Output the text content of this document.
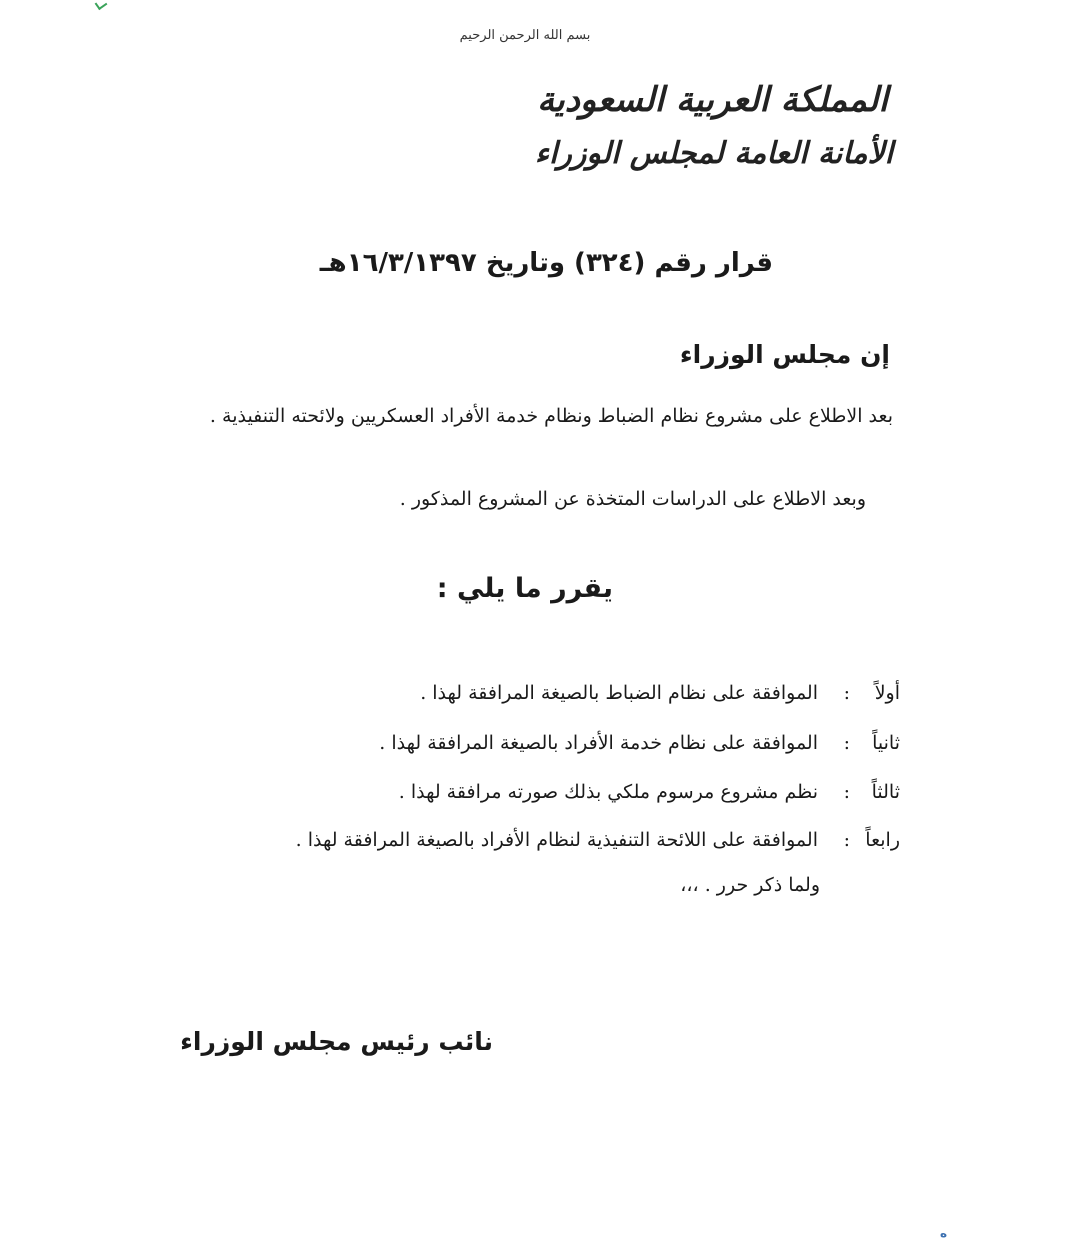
بسم الله الرحمن الرحيم
المملكة العربية السعودية
الأمانة العامة لمجلس الوزراء
قرار رقم (٣٢٤) وتاريخ ١٦/٣/١٣٩٧هـ
إن مجلس الوزراء
بعد الاطلاع على مشروع نظام الضباط ونظام خدمة الأفراد العسكريين ولائحته التنفيذية .
وبعد الاطلاع على الدراسات المتخذة عن المشروع المذكور .
يقرر ما يلي :
أولاً
:
الموافقة على نظام الضباط بالصيغة المرافقة لهذا .
ثانياً
:
الموافقة على نظام خدمة الأفراد بالصيغة المرافقة لهذا .
ثالثاً
:
نظم مشروع مرسوم ملكي بذلك صورته مرافقة لهذا .
رابعاً
:
الموافقة على اللائحة التنفيذية لنظام الأفراد بالصيغة المرافقة لهذا .
ولما ذكر حرر . ،،،
نائب رئيس مجلس الوزراء
ه
